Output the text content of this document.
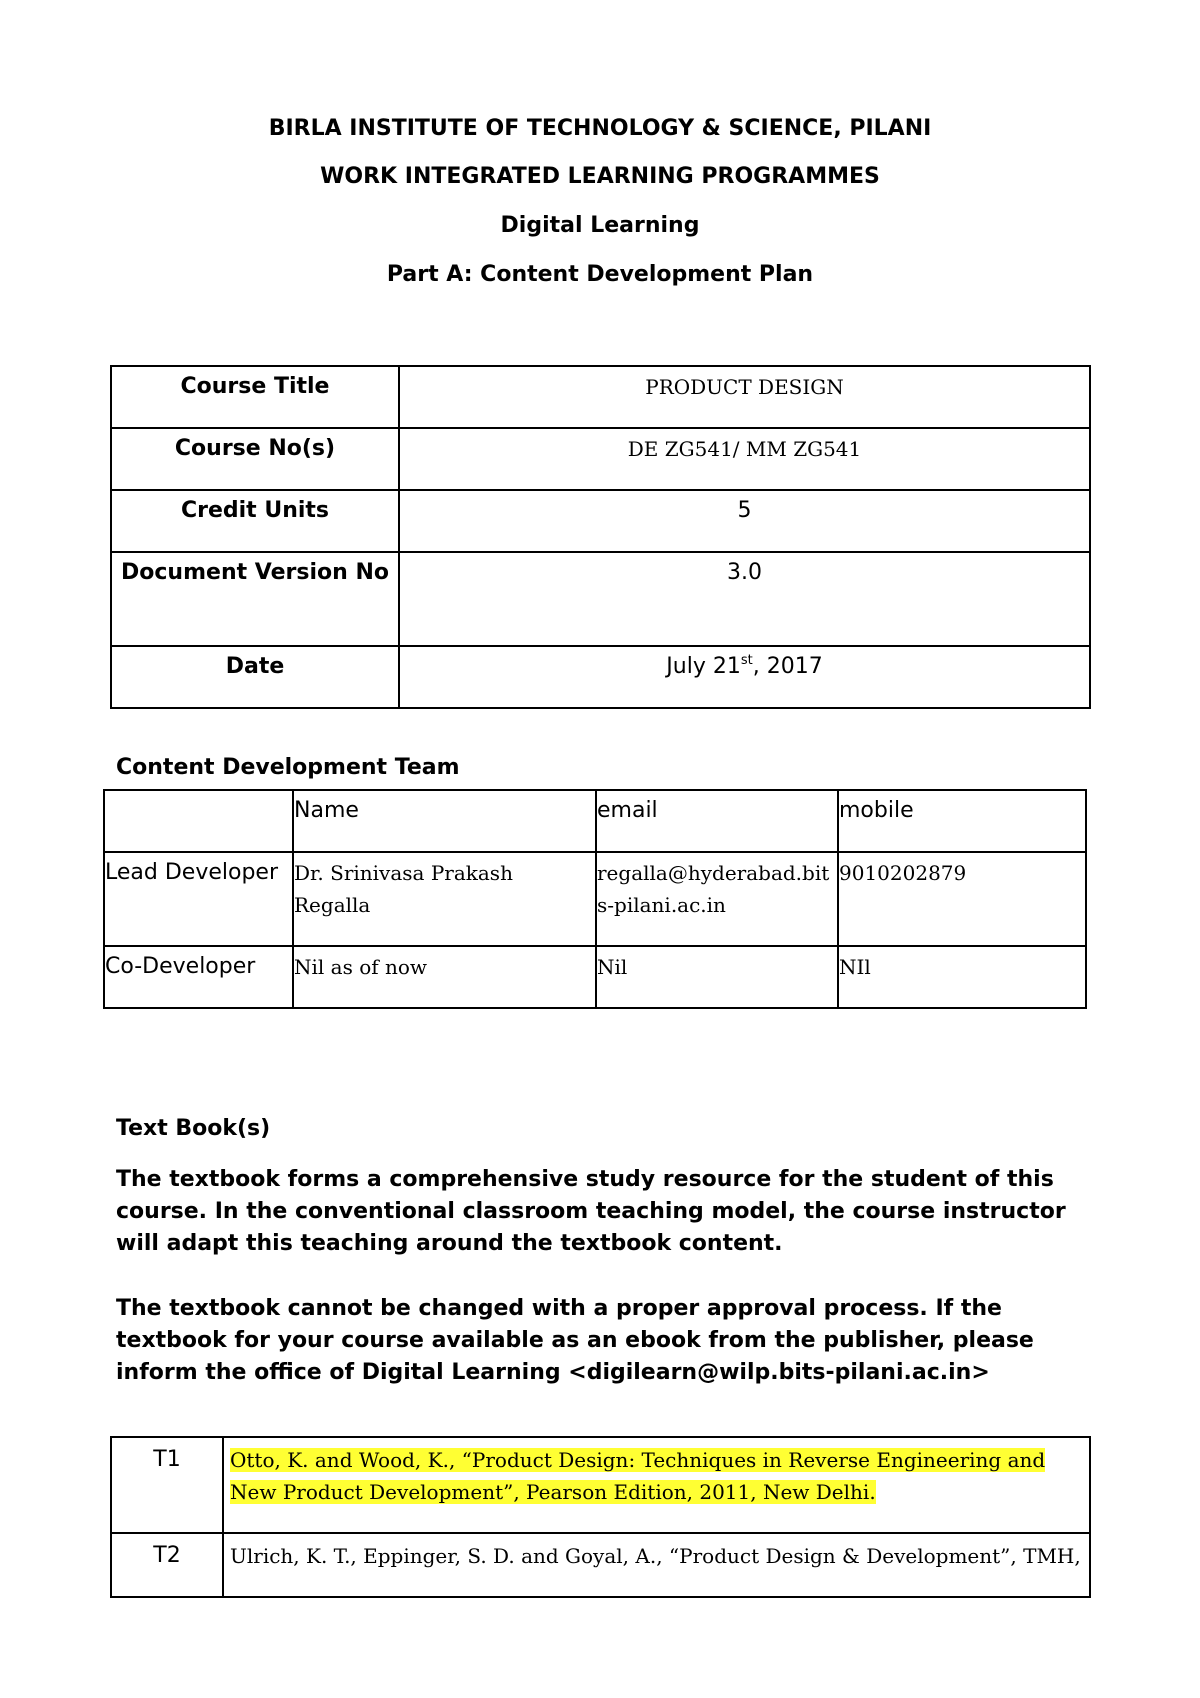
BIRLA INSTITUTE OF TECHNOLOGY & SCIENCE, PILANI
WORK INTEGRATED LEARNING PROGRAMMES
Digital Learning
Part A: Content Development Plan
Course Title	PRODUCT DESIGN
Course No(s)	DE ZG541/ MM ZG541
Credit Units	5
Document Version No	3.0
Date	July 21st, 2017
Content Development Team
	Name	email	mobile
Lead Developer	Dr. Srinivasa Prakash Regalla	regalla@hyderabad.bits-pilani.ac.in	9010202879
Co-Developer	Nil as of now	Nil	NIl
Text Book(s)
The textbook forms a comprehensive study resource for the student of this course. In the conventional classroom teaching model, the course instructor will adapt this teaching around the textbook content.
The textbook cannot be changed with a proper approval process. If the textbook for your course available as an ebook from the publisher, please inform the office of Digital Learning <digilearn@wilp.bits-pilani.ac.in>
T1	Otto, K. and Wood, K., “Product Design: Techniques in Reverse Engineering and New Product Development”, Pearson Edition, 2011, New Delhi.
T2	Ulrich, K. T., Eppinger, S. D. and Goyal, A., “Product Design & Development”, TMH,
